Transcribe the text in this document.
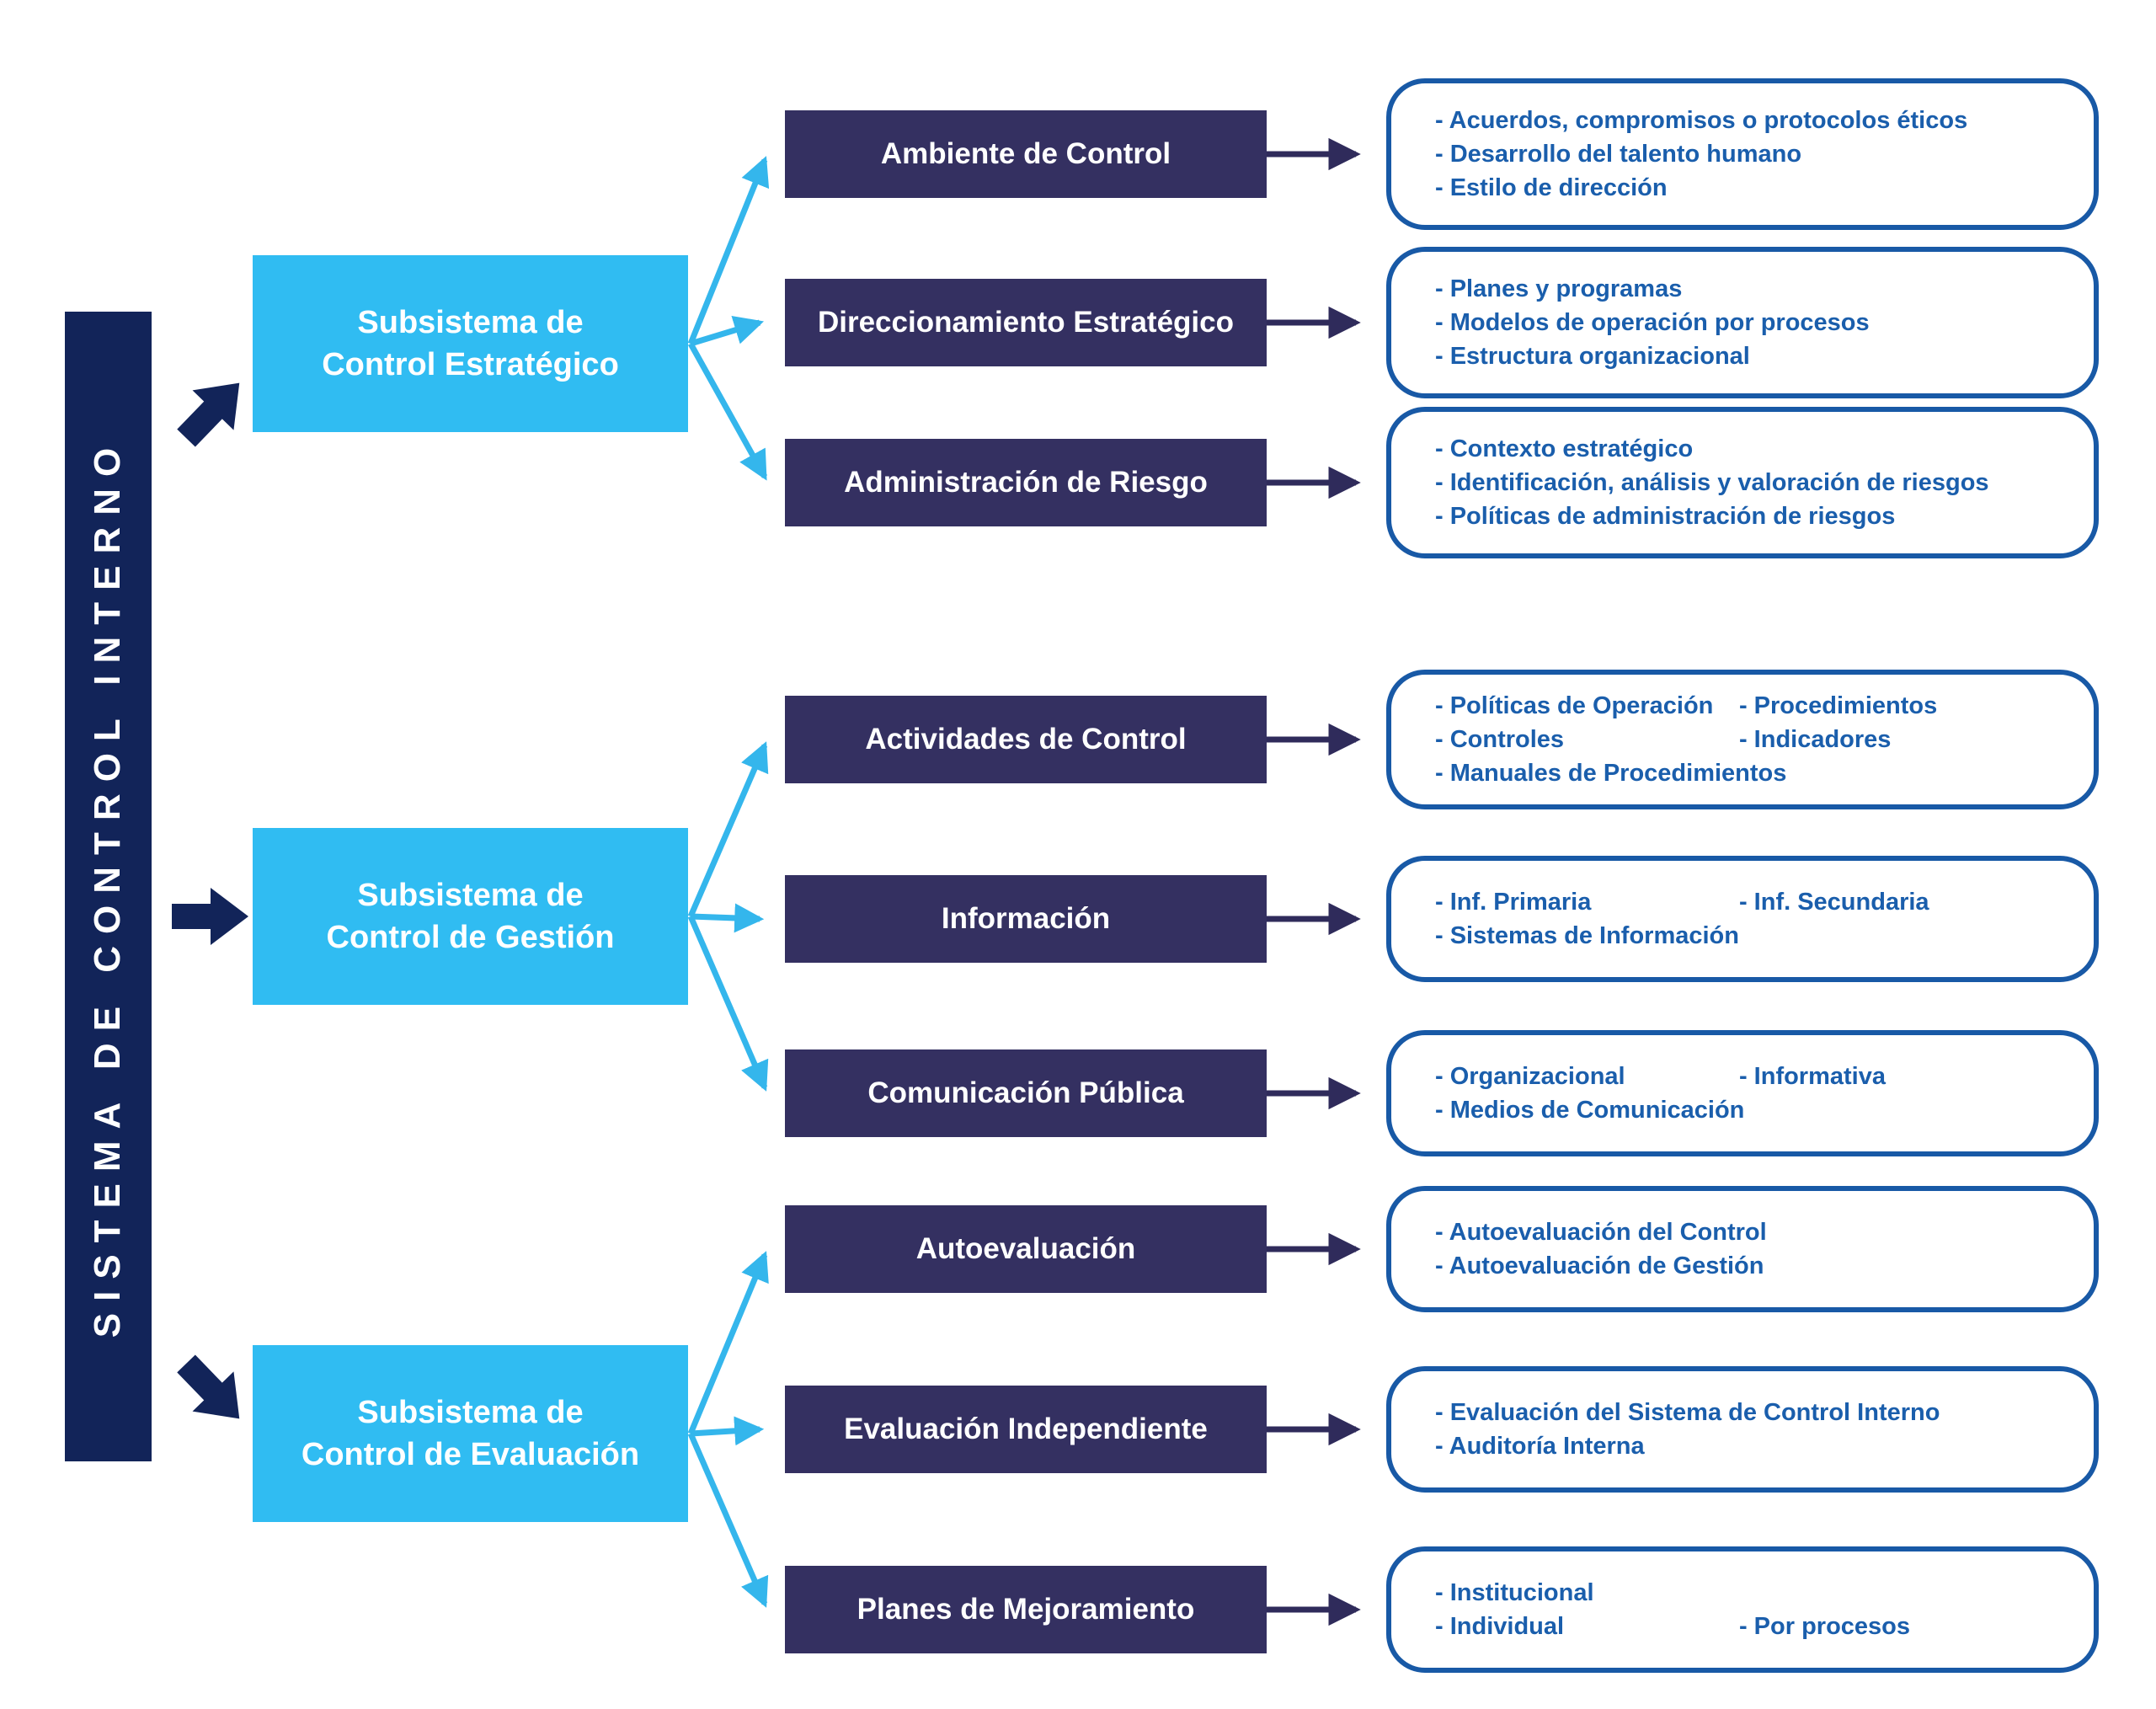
SISTEMA DE CONTROL INTERNO
Subsistema de
Control Estratégico
Subsistema de
Control de Gestión
Subsistema de
Control de Evaluación
Ambiente de Control
Direccionamiento Estratégico
Administración de Riesgo
Actividades de Control
Información
Comunicación Pública
Autoevaluación
Evaluación Independiente
Planes de Mejoramiento
- Acuerdos, compromisos o protocolos éticos
- Desarrollo del talento humano
- Estilo de dirección
- Planes y programas
- Modelos de operación por procesos
- Estructura organizacional
- Contexto estratégico
- Identificación, análisis y valoración de riesgos
- Políticas de administración de riesgos
- Políticas de Operación	- Procedimientos
- Controles	- Indicadores
- Manuales de Procedimientos
- Inf. Primaria	- Inf. Secundaria
- Sistemas de Información
- Organizacional	- Informativa
- Medios de Comunicación
- Autoevaluación del Control
- Autoevaluación de Gestión
- Evaluación del Sistema de Control Interno
- Auditoría Interna
- Institucional
- Individual	- Por procesos
